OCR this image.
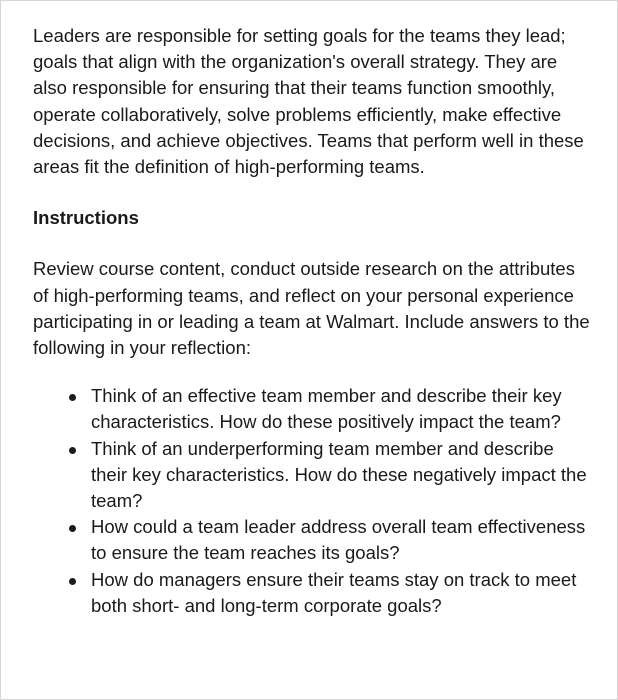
Leaders are responsible for setting goals for the teams they lead; goals that align with the organization's overall strategy. They are also responsible for ensuring that their teams function smoothly, operate collaboratively, solve problems efficiently, make effective decisions, and achieve objectives. Teams that perform well in these areas fit the definition of high-performing teams.

Instructions

Review course content, conduct outside research on the attributes of high-performing teams, and reflect on your personal experience participating in or leading a team at Walmart. Include answers to the following in your reflection:

Think of an effective team member and describe their key characteristics. How do these positively impact the team?
Think of an underperforming team member and describe their key characteristics. How do these negatively impact the team?
How could a team leader address overall team effectiveness to ensure the team reaches its goals?
How do managers ensure their teams stay on track to meet both short- and long-term corporate goals?
